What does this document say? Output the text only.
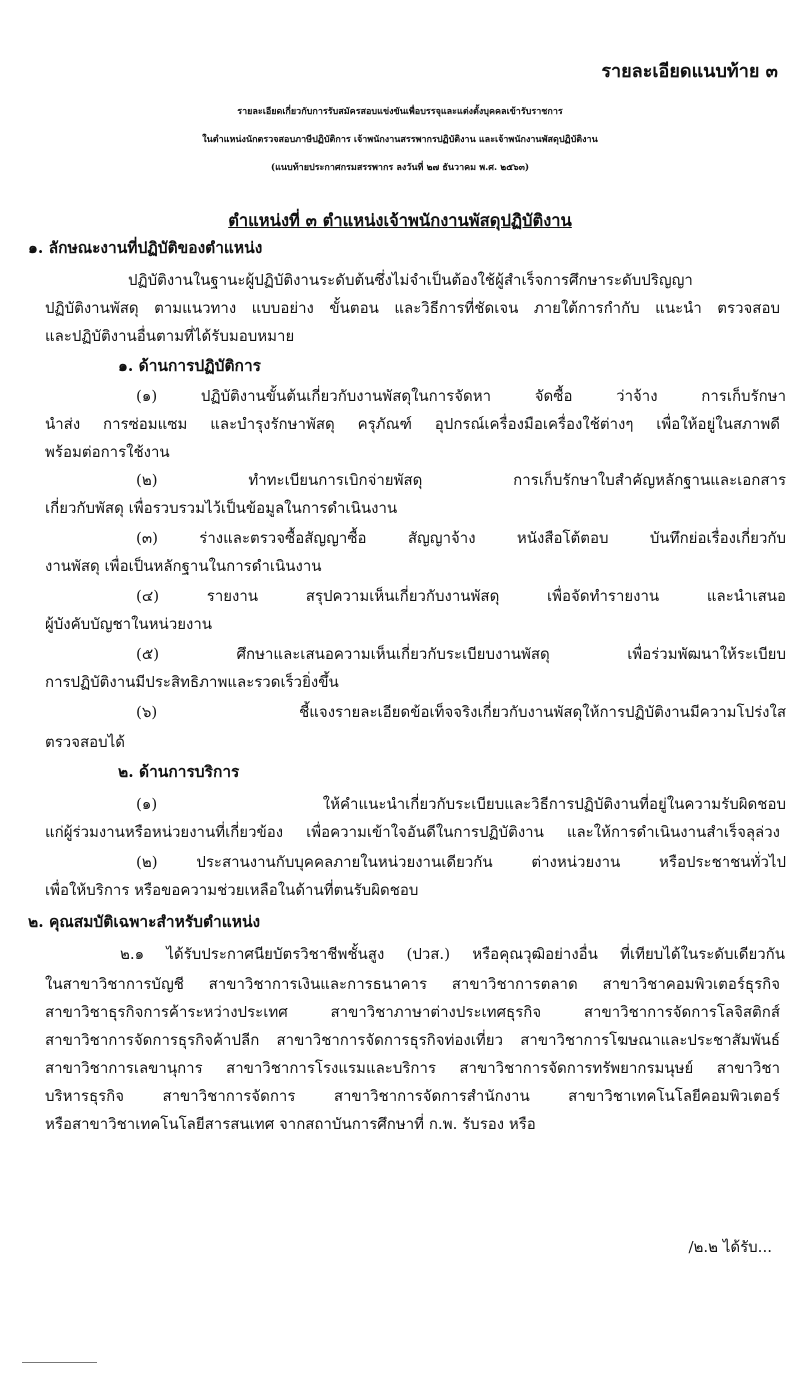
รายละเอียดแนบท้าย ๓
รายละเอียดเกี่ยวกับการรับสมัครสอบแข่งขันเพื่อบรรจุและแต่งตั้งบุคคลเข้ารับราชการ
ในตำแหน่งนักตรวจสอบภาษีปฏิบัติการ เจ้าพนักงานสรรพากรปฏิบัติงาน และเจ้าพนักงานพัสดุปฏิบัติงาน
(แนบท้ายประกาศกรมสรรพากร ลงวันที่ ๒๗ ธันวาคม พ.ศ. ๒๕๖๓)
ตำแหน่งที่ ๓ ตำแหน่งเจ้าพนักงานพัสดุปฏิบัติงาน
๑. ลักษณะงานที่ปฏิบัติของตำแหน่ง
ปฏิบัติงานในฐานะผู้ปฏิบัติงานระดับต้นซึ่งไม่จำเป็นต้องใช้ผู้สำเร็จการศึกษาระดับปริญญา
ปฏิบัติงานพัสดุ ตามแนวทาง แบบอย่าง ขั้นตอน และวิธีการที่ชัดเจน ภายใต้การกำกับ แนะนำ ตรวจสอบ
และปฏิบัติงานอื่นตามที่ได้รับมอบหมาย
๑. ด้านการปฏิบัติการ
(๑) ปฏิบัติงานขั้นต้นเกี่ยวกับงานพัสดุในการจัดหา จัดซื้อ ว่าจ้าง การเก็บรักษา
นำส่ง การซ่อมแซม และบำรุงรักษาพัสดุ ครุภัณฑ์ อุปกรณ์เครื่องมือเครื่องใช้ต่างๆ เพื่อให้อยู่ในสภาพดี
พร้อมต่อการใช้งาน
(๒) ทำทะเบียนการเบิกจ่ายพัสดุ การเก็บรักษาใบสำคัญหลักฐานและเอกสาร
เกี่ยวกับพัสดุ เพื่อรวบรวมไว้เป็นข้อมูลในการดำเนินงาน
(๓) ร่างและตรวจซื้อสัญญาซื้อ สัญญาจ้าง หนังสือโต้ตอบ บันทึกย่อเรื่องเกี่ยวกับ
งานพัสดุ เพื่อเป็นหลักฐานในการดำเนินงาน
(๔) รายงาน สรุปความเห็นเกี่ยวกับงานพัสดุ เพื่อจัดทำรายงาน และนำเสนอ
ผู้บังคับบัญชาในหน่วยงาน
(๕) ศึกษาและเสนอความเห็นเกี่ยวกับระเบียบงานพัสดุ เพื่อร่วมพัฒนาให้ระเบียบ
การปฏิบัติงานมีประสิทธิภาพและรวดเร็วยิ่งขึ้น
(๖) ชี้แจงรายละเอียดข้อเท็จจริงเกี่ยวกับงานพัสดุให้การปฏิบัติงานมีความโปร่งใส
ตรวจสอบได้
๒. ด้านการบริการ
(๑) ให้คำแนะนำเกี่ยวกับระเบียบและวิธีการปฏิบัติงานที่อยู่ในความรับผิดชอบ
แก่ผู้ร่วมงานหรือหน่วยงานที่เกี่ยวข้อง เพื่อความเข้าใจอันดีในการปฏิบัติงาน และให้การดำเนินงานสำเร็จลุล่วง
(๒) ประสานงานกับบุคคลภายในหน่วยงานเดียวกัน ต่างหน่วยงาน หรือประชาชนทั่วไป
เพื่อให้บริการ หรือขอความช่วยเหลือในด้านที่ตนรับผิดชอบ
๒. คุณสมบัติเฉพาะสำหรับตำแหน่ง
๒.๑ ได้รับประกาศนียบัตรวิชาชีพชั้นสูง (ปวส.) หรือคุณวุฒิอย่างอื่น ที่เทียบได้ในระดับเดียวกัน
ในสาขาวิชาการบัญชี สาขาวิชาการเงินและการธนาคาร สาขาวิชาการตลาด สาขาวิชาคอมพิวเตอร์ธุรกิจ
สาขาวิชาธุรกิจการค้าระหว่างประเทศ สาขาวิชาภาษาต่างประเทศธุรกิจ สาขาวิชาการจัดการโลจิสติกส์
สาขาวิชาการจัดการธุรกิจค้าปลีก สาขาวิชาการจัดการธุรกิจท่องเที่ยว สาขาวิชาการโฆษณาและประชาสัมพันธ์
สาขาวิชาการเลขานุการ สาขาวิชาการโรงแรมและบริการ สาขาวิชาการจัดการทรัพยากรมนุษย์ สาขาวิชา
บริหารธุรกิจ สาขาวิชาการจัดการ สาขาวิชาการจัดการสำนักงาน สาขาวิชาเทคโนโลยีคอมพิวเตอร์
หรือสาขาวิชาเทคโนโลยีสารสนเทศ จากสถาบันการศึกษาที่ ก.พ. รับรอง หรือ
/๒.๒ ได้รับ...
